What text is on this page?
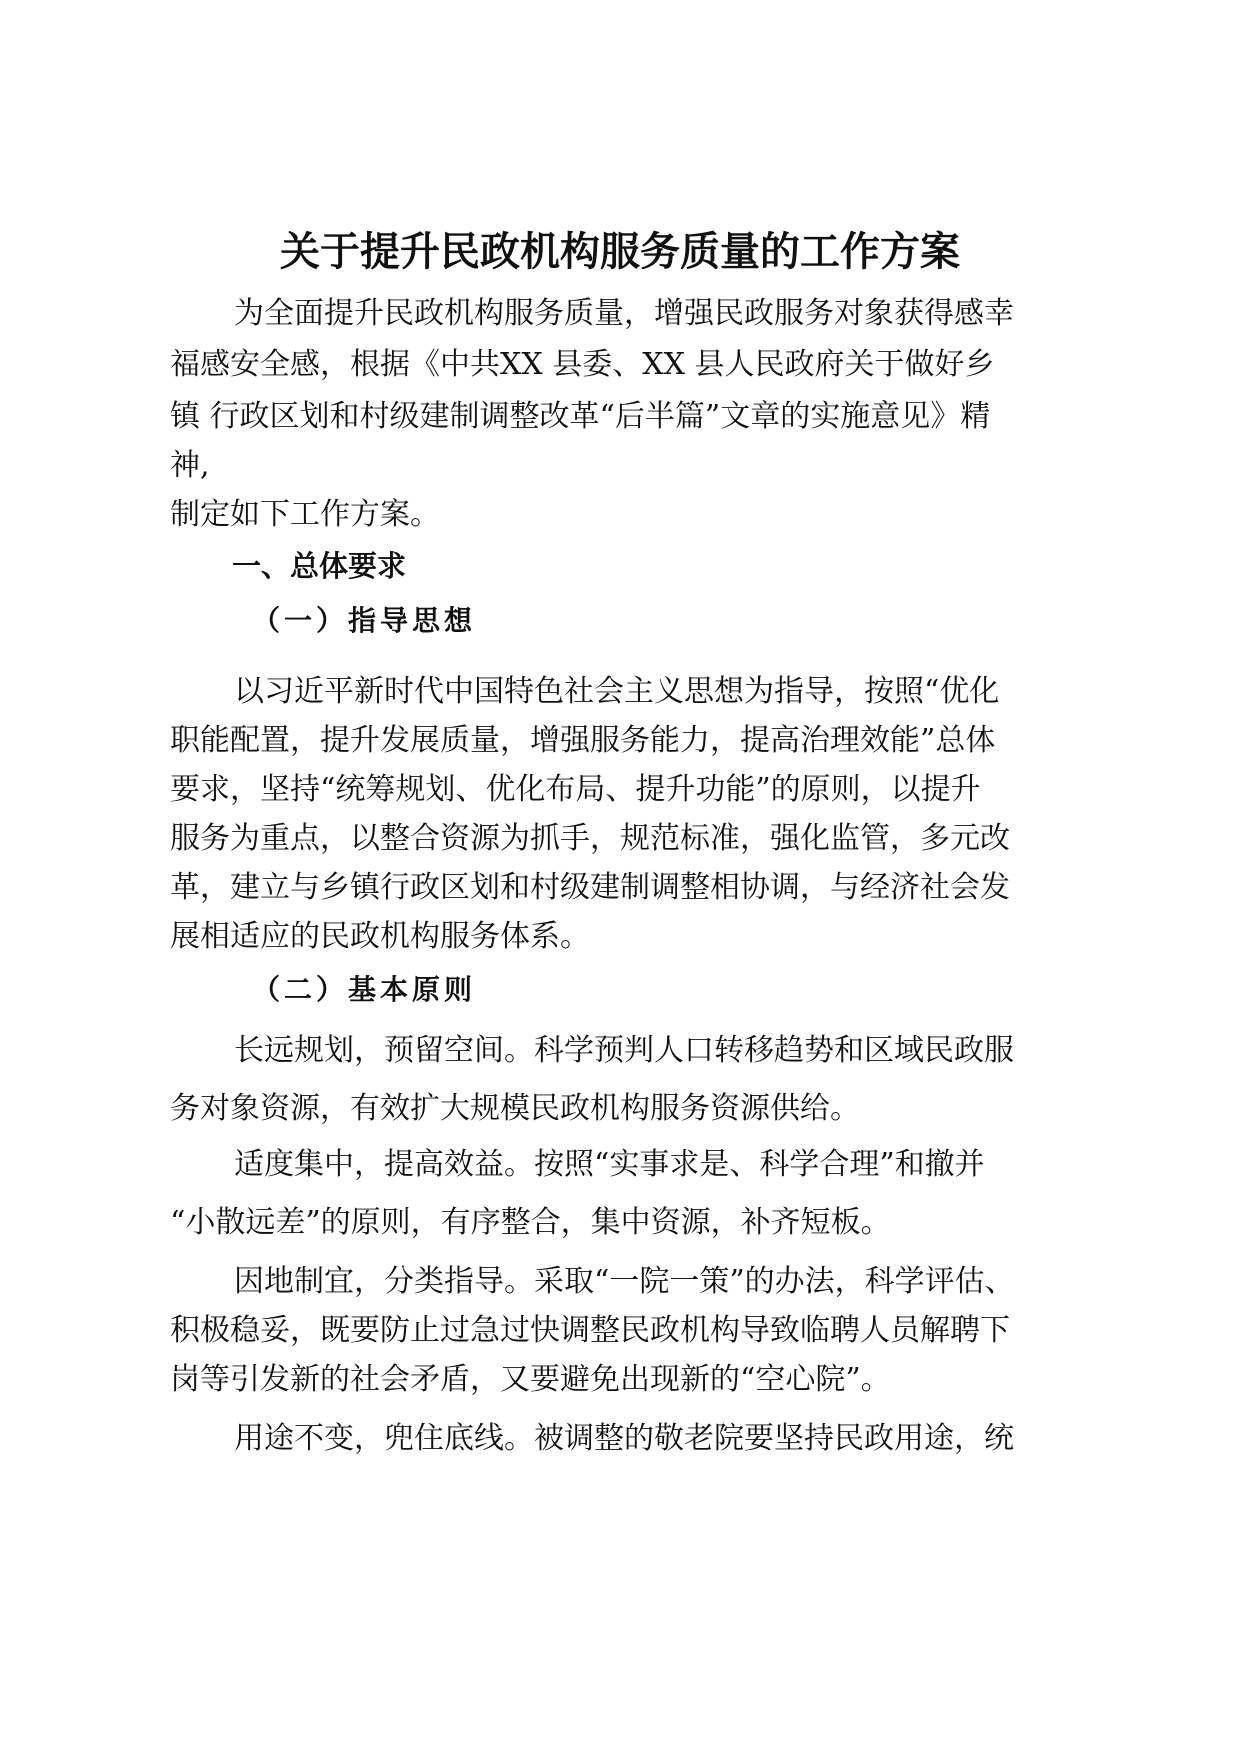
关于提升民政机构服务质量的工作方案

为全面提升民政机构服务质量，增强民政服务对象获得感幸

福感安全感，根据《中共XX 县委、XX 县人民政府关于做好乡

镇 行政区划和村级建制调整改革“后半篇”文章的实施意见》精

神,

制定如下工作方案。

一、总体要求
（一）指导思想

以习近平新时代中国特色社会主义思想为指导，按照“优化

职能配置，提升发展质量，增强服务能力，提高治理效能”总体

要求，坚持“统筹规划、优化布局、提升功能”的原则，以提升

服务为重点，以整合资源为抓手，规范标准，强化监管，多元改

革，建立与乡镇行政区划和村级建制调整相协调，与经济社会发

展相适应的民政机构服务体系。

（二）基本原则

长远规划，预留空间。科学预判人口转移趋势和区域民政服

务对象资源，有效扩大规模民政机构服务资源供给。

适度集中，提高效益。按照“实事求是、科学合理”和撤并

“小散远差”的原则，有序整合，集中资源，补齐短板。

因地制宜，分类指导。采取“一院一策”的办法，科学评估、

积极稳妥，既要防止过急过快调整民政机构导致临聘人员解聘下

岗等引发新的社会矛盾，又要避免出现新的“空心院”。

用途不变，兜住底线。被调整的敬老院要坚持民政用途，统
